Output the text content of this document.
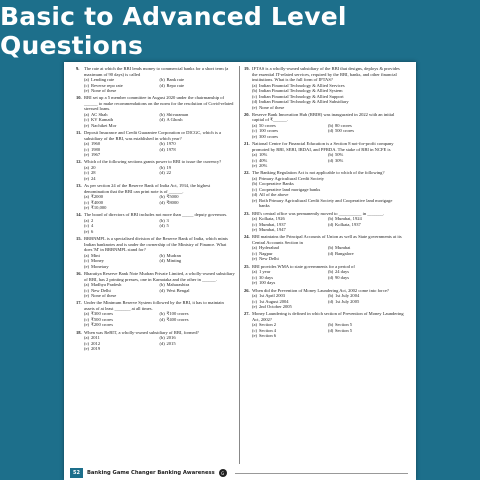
Basic to Advanced Level Questions
9.	The rate at which the RBI lends money to commercial banks for a short term (a maximum of 90 days) is called
(a) Lending rate	(b) Bank rate
(c) Reverse repo rate	(d) Repo rate
(e) None of these
10. RBI set up a 5 member committee in August 2020 under the chairmanship of ______ to make recommendations on the norm for the resolution of Covid-related stressed loans.
(a) AC Shah	(b) Shivaraman
(c) KV Kamath	(d) A Ghosh
(e) Nachiket Mor
11. Deposit Insurance and Credit Guarantee Corporation or DICGC, which is a subsidiary of the RBI, was established in which year?
(a) 1960	(b) 1970
(c) 1980	(d) 1978
(e) 1967
12. Which of the following sections grants power to RBI to issue the currency?
(a) 20	(b) 19
(c) 28	(d) 22
(e) 24
13. As per section 24 of the Reserve Bank of India Act, 1934, the highest denomination that the RBI can print note is of ______.
(a) ₹2000	(b) ₹5000
(c) ₹4000	(d) ₹8000
(e) ₹10,000
14. The board of directors of RBI includes not more than _____ deputy governors.
(a) 2	(b) 3
(c) 4	(d) 5
(e) 6
15. BRBNMPL is a specialised division of the Reserve Bank of India, which mints Indian banknotes and is under the ownership of the Ministry of Finance. What does 'M' in BRBNMPL stand for?
(a) Mint	(b) Mudran
(c) Money	(d) Minting
(e) Monetary
16. Bharatiya Reserve Bank Note Mudran Private Limited, a wholly-owned subsidiary of RBI, has 2 printing presses, one in Karnataka and the other in ______.
(a) Madhya Pradesh	(b) Maharashtra
(c) New Delhi	(d) West Bengal
(e) None of these
17. Under the Minimum Reserve System followed by the RBI, it has to maintain assets of at least _______ at all times.
(a) ₹300 crores	(b) ₹100 crores
(c) ₹500 crores	(d) ₹400 crores
(e) ₹200 crores
18. When was ReBIT, a wholly-owned subsidiary of RBI, formed?
(a) 2011	(b) 2016
(c) 2012	(d) 2015
(e) 2019
19. IFTAS is a wholly-owned subsidiary of the RBI that designs, deploys & provides the essential IT-related services, required by the RBI, banks, and other financial institutions. What is the full form of IFTAS?
(a) Indian Financial Technology & Allied Services
(b) Indian Financial Technology & Allied System
(c) Indian Financial Technology & Allied Support
(d) Indian Financial Technology & Allied Subsidiary
(e) None of these
20. Reserve Bank Innovation Hub (RBIH) was inaugurated in 2022 with an initial capital of ₹______.
(a) 50 crores	(b) 80 crores
(c) 100 crores	(d) 500 crores
(e) 300 crores
21. National Centre for Financial Education is a Section 8 not-for-profit company promoted by RBI, SEBI, IRDAI, and PFRDA. The stake of RBI in NCFE is
(a) 10%	(b) 50%
(c) 40%	(d) 30%
(e) 20%
22. The Banking Regulation Act is not applicable to which of the following?
(a) Primary Agricultural Credit Society
(b) Cooperative Banks
(c) Cooperative land mortgage banks
(d) All of the above
(e) Both Primary Agricultural Credit Society and Cooperative land mortgage banks
23. RBI's central office was permanently moved to __________ in _______.
(a) Kolkata, 1926	(b) Mumbai, 1924
(c) Mumbai, 1937	(d) Kolkata, 1937
(e) Mumbai, 1947
24. RBI maintains the Principal Accounts of Union as well as State governments at its Central Accounts Section in
(a) Hyderabad	(b) Mumbai
(c) Nagpur	(d) Bangalore
(e) New Delhi
25. RBI provides WMA to state governments for a period of
(a) 1 year	(b) 24 days
(c) 30 days	(d) 90 days
(e) 100 days
26. When did the Prevention of Money Laundering Act, 2002 come into force?
(a) 1st April 2003	(b) 1st July 2004
(c) 1st August 2004	(d) 1st July 2005
(e) 2nd October 2005
27. Money Laundering is defined in which section of Prevention of Money Laundering Act, 2002?
(a) Section 2	(b) Section 5
(c) Section 4	(d) Section 5
(e) Section 6
52	Banking Game Changer Banking Awareness G
